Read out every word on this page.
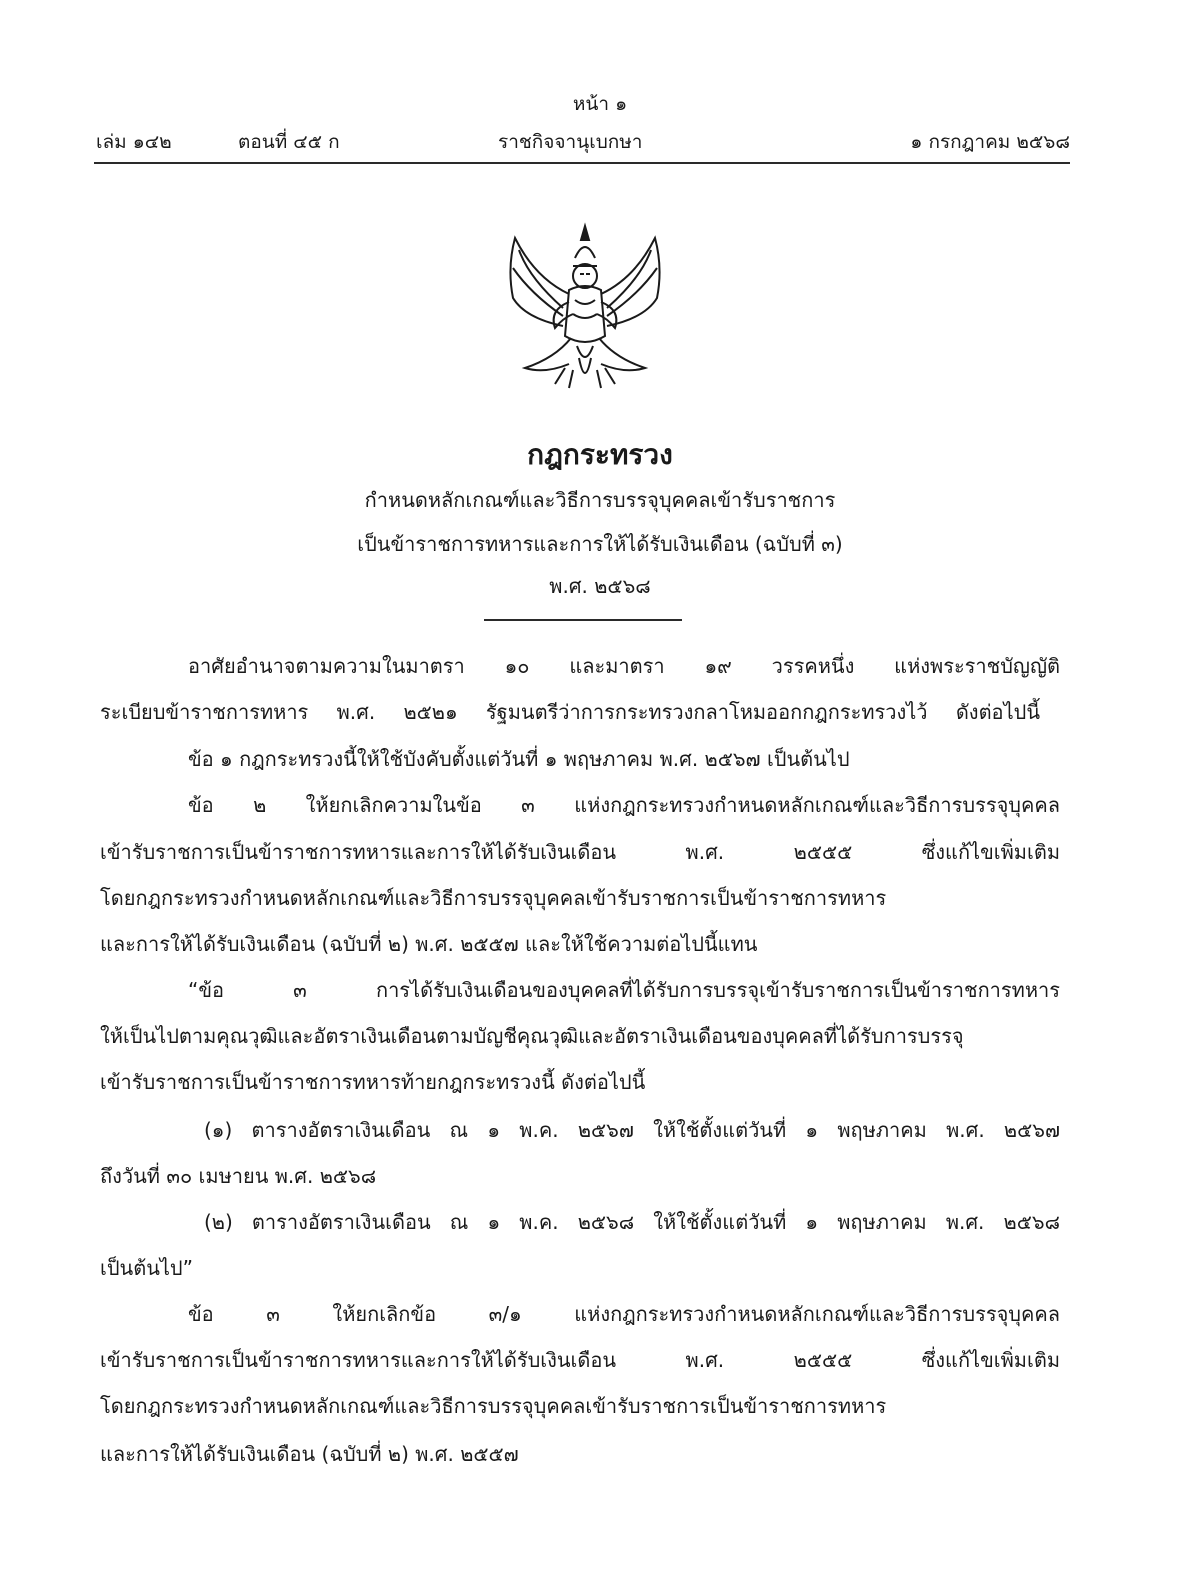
หน้า ๑
เล่ม ๑๔๒	ตอนที่ ๔๕ ก	ราชกิจจานุเบกษา	๑ กรกฎาคม ๒๕๖๘
กฎกระทรวง
กำหนดหลักเกณฑ์และวิธีการบรรจุบุคคลเข้ารับราชการ
เป็นข้าราชการทหารและการให้ได้รับเงินเดือน (ฉบับที่ ๓)
พ.ศ. ๒๕๖๘
อาศัยอำนาจตามความในมาตรา ๑๐ และมาตรา ๑๙ วรรคหนึ่ง แห่งพระราชบัญญัติ
ระเบียบข้าราชการทหาร พ.ศ. ๒๕๒๑ รัฐมนตรีว่าการกระทรวงกลาโหมออกกฎกระทรวงไว้ ดังต่อไปนี้
ข้อ ๑ กฎกระทรวงนี้ให้ใช้บังคับตั้งแต่วันที่ ๑ พฤษภาคม พ.ศ. ๒๕๖๗ เป็นต้นไป
ข้อ ๒ ให้ยกเลิกความในข้อ ๓ แห่งกฎกระทรวงกำหนดหลักเกณฑ์และวิธีการบรรจุบุคคล
เข้ารับราชการเป็นข้าราชการทหารและการให้ได้รับเงินเดือน พ.ศ. ๒๕๕๕ ซึ่งแก้ไขเพิ่มเติม
โดยกฎกระทรวงกำหนดหลักเกณฑ์และวิธีการบรรจุบุคคลเข้ารับราชการเป็นข้าราชการทหาร
และการให้ได้รับเงินเดือน (ฉบับที่ ๒) พ.ศ. ๒๕๕๗ และให้ใช้ความต่อไปนี้แทน
“ข้อ ๓ การได้รับเงินเดือนของบุคคลที่ได้รับการบรรจุเข้ารับราชการเป็นข้าราชการทหาร
ให้เป็นไปตามคุณวุฒิและอัตราเงินเดือนตามบัญชีคุณวุฒิและอัตราเงินเดือนของบุคคลที่ได้รับการบรรจุ
เข้ารับราชการเป็นข้าราชการทหารท้ายกฎกระทรวงนี้ ดังต่อไปนี้
(๑) ตารางอัตราเงินเดือน ณ ๑ พ.ค. ๒๕๖๗ ให้ใช้ตั้งแต่วันที่ ๑ พฤษภาคม พ.ศ. ๒๕๖๗
ถึงวันที่ ๓๐ เมษายน พ.ศ. ๒๕๖๘
(๒) ตารางอัตราเงินเดือน ณ ๑ พ.ค. ๒๕๖๘ ให้ใช้ตั้งแต่วันที่ ๑ พฤษภาคม พ.ศ. ๒๕๖๘
เป็นต้นไป”
ข้อ ๓ ให้ยกเลิกข้อ ๓/๑ แห่งกฎกระทรวงกำหนดหลักเกณฑ์และวิธีการบรรจุบุคคล
เข้ารับราชการเป็นข้าราชการทหารและการให้ได้รับเงินเดือน พ.ศ. ๒๕๕๕ ซึ่งแก้ไขเพิ่มเติม
โดยกฎกระทรวงกำหนดหลักเกณฑ์และวิธีการบรรจุบุคคลเข้ารับราชการเป็นข้าราชการทหาร
และการให้ได้รับเงินเดือน (ฉบับที่ ๒) พ.ศ. ๒๕๕๗
